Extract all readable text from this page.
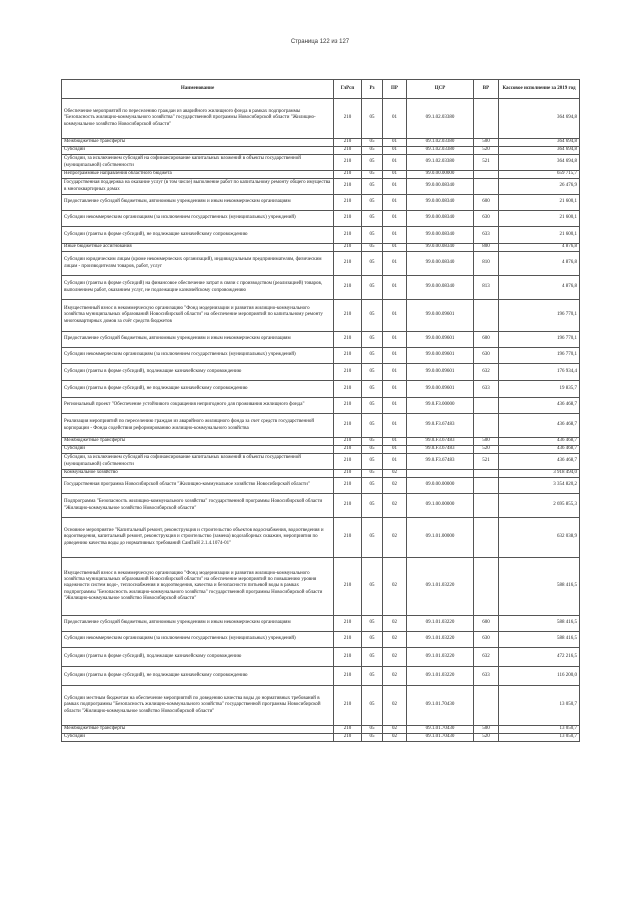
Страница 122 из 127
Наименование	ГлРсп	Рз	ПР	ЦСР	ВР	Кассовое исполнение за 2019 год
Обеспечение мероприятий по переселению граждан из аварийного жилищного фонда в рамках подпрограммы "Безопасность жилищно-коммунального хозяйства" государственной программы Новосибирской области "Жилищно-коммунальное хозяйство Новосибирской области"	210	05	01	09.1.02.03380		364 694,8
Межбюджетные трансферты	210	05	01	09.1.02.03380	500	364 694,8
Субсидии	210	05	01	09.1.02.03380	520	364 694,8
Субсидии, за исключением субсидий на софинансирование капитальных вложений в объекты государственной (муниципальной) собственности	210	05	01	09.1.02.03380	521	364 694,8
Непрограммные направления областного бюджета	210	05	01	99.0.00.00000		659 715,7
Государственная поддержка на оказание услуг (в том числе) выполнение работ по капитальному ремонту общего имущества в многоквартирных домах	210	05	01	99.0.00.08340		26 476,9
Предоставление субсидий бюджетным, автономным учреждениям и иным некоммерческим организациям	210	05	01	99.0.00.08340	600	21 600,1
Субсидии некоммерческим организациям (за исключением государственных (муниципальных) учреждений)	210	05	01	99.0.00.08340	630	21 600,1
Субсидии (гранты в форме субсидий), не подлежащие казначейскому сопровождению	210	05	01	99.0.00.08340	633	21 600,1
Иные бюджетные ассигнования	210	05	01	99.0.00.08340	800	4 876,8
Субсидии юридическим лицам (кроме некоммерческих организаций), индивидуальным предпринимателям, физическим лицам - производителям товаров, работ, услуг	210	05	01	99.0.00.08340	810	4 876,8
Субсидии (гранты в форме субсидий) на финансовое обеспечение затрат в связи с производством (реализацией) товаров, выполнением работ, оказанием услуг, не подлежащие казначейскому сопровождению	210	05	01	99.0.00.08340	813	4 876,8
Имущественный взнос в некоммерческую организацию "Фонд модернизации и развития жилищно-коммунального хозяйства муниципальных образований Новосибирской области" на обеспечение мероприятий по капитальному ремонту многоквартирных домов за счёт средств бюджетов	210	05	01	99.0.00.09601		196 770,1
Предоставление субсидий бюджетным, автономным учреждениям и иным некоммерческим организациям	210	05	01	99.0.00.09601	600	196 770,1
Субсидии некоммерческим организациям (за исключением государственных (муниципальных) учреждений)	210	05	01	99.0.00.09601	630	196 770,1
Субсидии (гранты в форме субсидий), подлежащие казначейскому сопровождению	210	05	01	99.0.00.09601	632	176 934,4
Субсидии (гранты в форме субсидий), не подлежащие казначейскому сопровождению	210	05	01	99.0.00.09601	633	19 835,7
Региональный проект "Обеспечение устойчивого сокращения непригодного для проживания жилищного фонда"	210	05	01	99.0.F3.00000		436 468,7
Реализация мероприятий по переселению граждан из аварийного жилищного фонда за счет средств государственной корпорации - Фонда содействия реформированию жилищно-коммунального хозяйства	210	05	01	99.0.F3.67483		436 468,7
Межбюджетные трансферты	210	05	01	99.0.F3.67483	500	436 468,7
Субсидии	210	05	01	99.0.F3.67483	520	436 468,7
Субсидии, за исключением субсидий на софинансирование капитальных вложений в объекты государственной (муниципальной) собственности	210	05	01	99.0.F3.67483	521	436 468,7
Коммунальное хозяйство	210	05	02			3 918 494,0
Государственная программа Новосибирской области "Жилищно-коммунальное хозяйство Новосибирской области"	210	05	02	09.0.00.00000		3 354 820,2
Подпрограмма "Безопасность жилищно-коммунального хозяйства" государственной программы Новосибирской области "Жилищно-коммунальное хозяйство Новосибирской области"	210	05	02	09.1.00.00000		2 695 855,3
Основное мероприятие "Капитальный ремонт, реконструкция и строительство объектов водоснабжения, водоотведения и водоотведения, капитальный ремонт, реконструкция и строительство (замена) водозаборных скважин, мероприятия по доведению качества воды до нормативных требований СанПиН 2.1.4.1074-01"	210	05	02	09.1.01.00000		632 038,9
Имущественный взнос в некоммерческую организацию "Фонд модернизации и развития жилищно-коммунального хозяйства муниципальных образований Новосибирской области" на обеспечение мероприятий по повышению уровня надежности систем водо-, теплоснабжения и водоотведения, качества и безопасности питьевой воды в рамках подпрограммы "Безопасность жилищно-коммунального хозяйства" государственной программы Новосибирской области "Жилищно-коммунальное хозяйство Новосибирской области"	210	05	02	09.1.01.03220		588 416,5
Предоставление субсидий бюджетным, автономным учреждениям и иным некоммерческим организациям	210	05	02	09.1.01.03220	600	588 416,5
Субсидии некоммерческим организациям (за исключением государственных (муниципальных) учреждений)	210	05	02	09.1.01.03220	630	588 416,5
Субсидии (гранты в форме субсидий), подлежащие казначейскому сопровождению	210	05	02	09.1.01.03220	632	472 216,5
Субсидии (гранты в форме субсидий), не подлежащие казначейскому сопровождению	210	05	02	09.1.01.03220	633	116 200,0
Субсидии местным бюджетам на обеспечение мероприятий по доведению качества воды до нормативных требований в рамках подпрограммы "Безопасность жилищно-коммунального хозяйства" государственной программы Новосибирской области "Жилищно-коммунальное хозяйство Новосибирской области"	210	05	02	09.1.01.70430		13 050,7
Межбюджетные трансферты	210	05	02	09.1.01.70430	500	13 050,7
Субсидии	210	05	02	09.1.01.70430	520	13 050,7
